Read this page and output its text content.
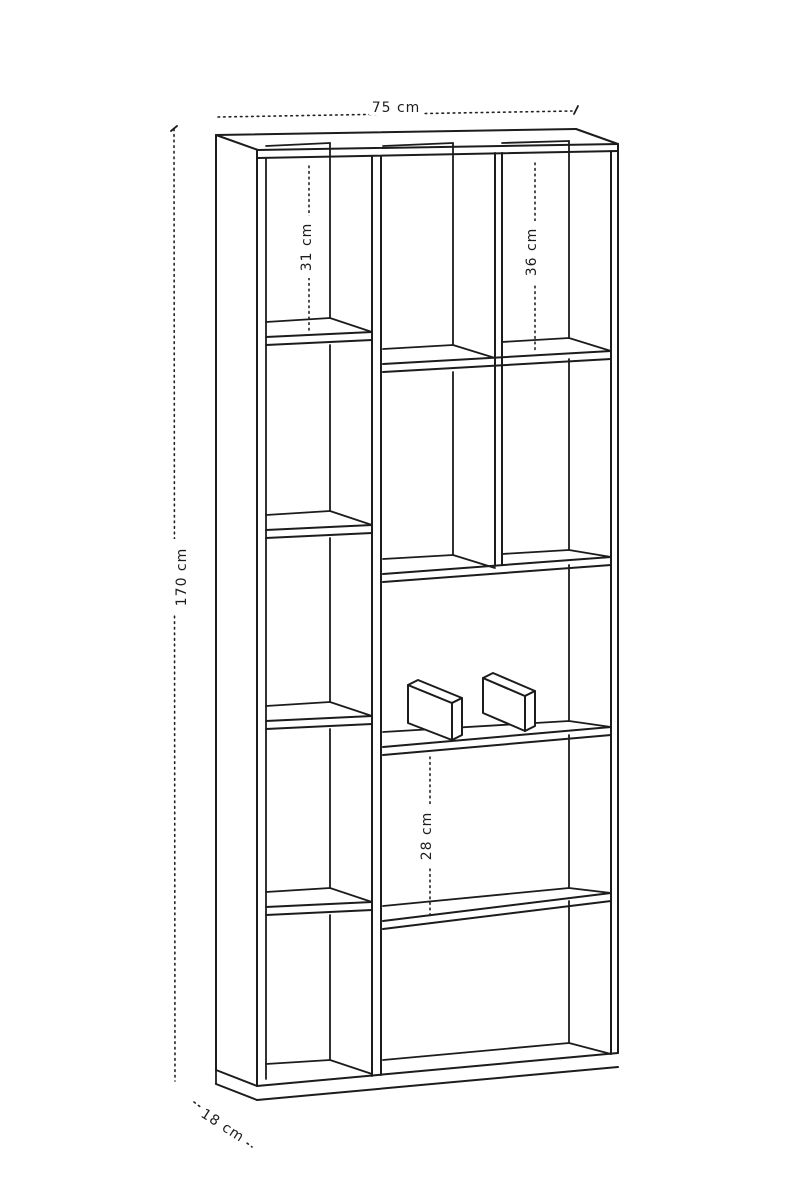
75 cm
170 cm
31 cm	36 cm
28 cm
18 cm
